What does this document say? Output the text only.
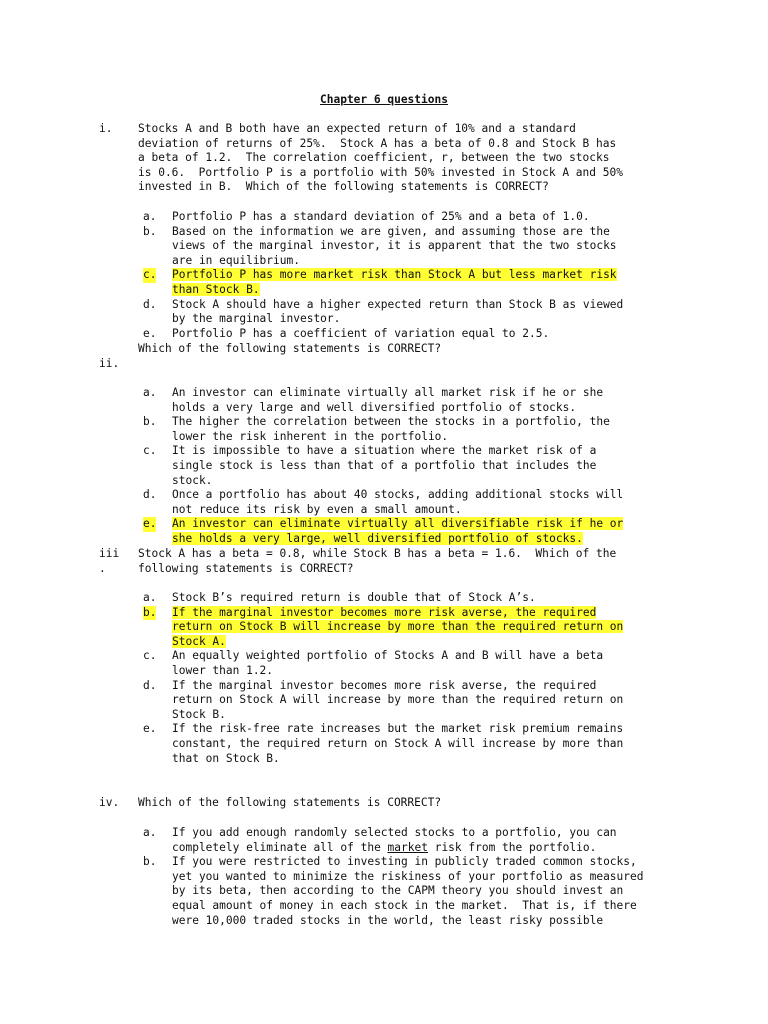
Chapter 6 questions
i. Stocks A and B both have an expected return of 10% and a standard
deviation of returns of 25%.  Stock A has a beta of 0.8 and Stock B has
a beta of 1.2.  The correlation coefficient, r, between the two stocks
is 0.6.  Portfolio P is a portfolio with 50% invested in Stock A and 50%
invested in B.  Which of the following statements is CORRECT?
a. Portfolio P has a standard deviation of 25% and a beta of 1.0.
b. Based on the information we are given, and assuming those are the
views of the marginal investor, it is apparent that the two stocks
are in equilibrium.
c. Portfolio P has more market risk than Stock A but less market risk
than Stock B.
d. Stock A should have a higher expected return than Stock B as viewed
by the marginal investor.
e. Portfolio P has a coefficient of variation equal to 2.5.
Which of the following statements is CORRECT?
ii.
a. An investor can eliminate virtually all market risk if he or she
holds a very large and well diversified portfolio of stocks.
b. The higher the correlation between the stocks in a portfolio, the
lower the risk inherent in the portfolio.
c. It is impossible to have a situation where the market risk of a
single stock is less than that of a portfolio that includes the
stock.
d. Once a portfolio has about 40 stocks, adding additional stocks will
not reduce its risk by even a small amount.
e. An investor can eliminate virtually all diversifiable risk if he or
she holds a very large, well diversified portfolio of stocks.
iii
.
Stock A has a beta = 0.8, while Stock B has a beta = 1.6.  Which of the
following statements is CORRECT?
a. Stock B’s required return is double that of Stock A’s.
b. If the marginal investor becomes more risk averse, the required
return on Stock B will increase by more than the required return on
Stock A.
c. An equally weighted portfolio of Stocks A and B will have a beta
lower than 1.2.
d. If the marginal investor becomes more risk averse, the required
return on Stock A will increase by more than the required return on
Stock B.
e. If the risk-free rate increases but the market risk premium remains
constant, the required return on Stock A will increase by more than
that on Stock B.
iv. Which of the following statements is CORRECT?
a. If you add enough randomly selected stocks to a portfolio, you can
completely eliminate all of the market risk from the portfolio.
b. If you were restricted to investing in publicly traded common stocks,
yet you wanted to minimize the riskiness of your portfolio as measured
by its beta, then according to the CAPM theory you should invest an
equal amount of money in each stock in the market.  That is, if there
were 10,000 traded stocks in the world, the least risky possible
